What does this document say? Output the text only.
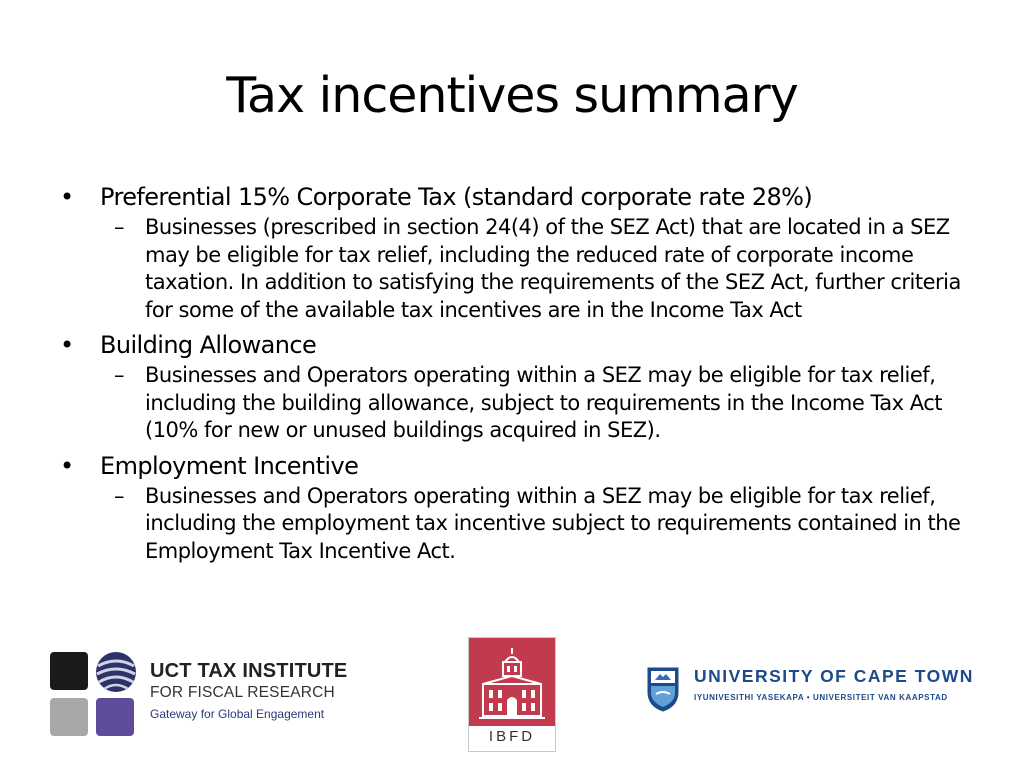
Tax incentives summary
• Preferential 15% Corporate Tax (standard corporate rate 28%)
– Businesses (prescribed in section 24(4) of the SEZ Act) that are located in a SEZ may be eligible for tax relief, including the reduced rate of corporate income taxation. In addition to satisfying the requirements of the SEZ Act, further criteria for some of the available tax incentives are in the Income Tax Act
• Building Allowance
– Businesses and Operators operating within a SEZ may be eligible for tax relief, including the building allowance, subject to requirements in the Income Tax Act (10% for new or unused buildings acquired in SEZ).
• Employment Incentive
– Businesses and Operators operating within a SEZ may be eligible for tax relief, including the employment tax incentive subject to requirements contained in the Employment Tax Incentive Act.
UCT TAX INSTITUTE
FOR FISCAL RESEARCH
Gateway for Global Engagement
IBFD
UNIVERSITY OF CAPE TOWN
IYUNIVESITHI YASEKAPA • UNIVERSITEIT VAN KAAPSTAD
